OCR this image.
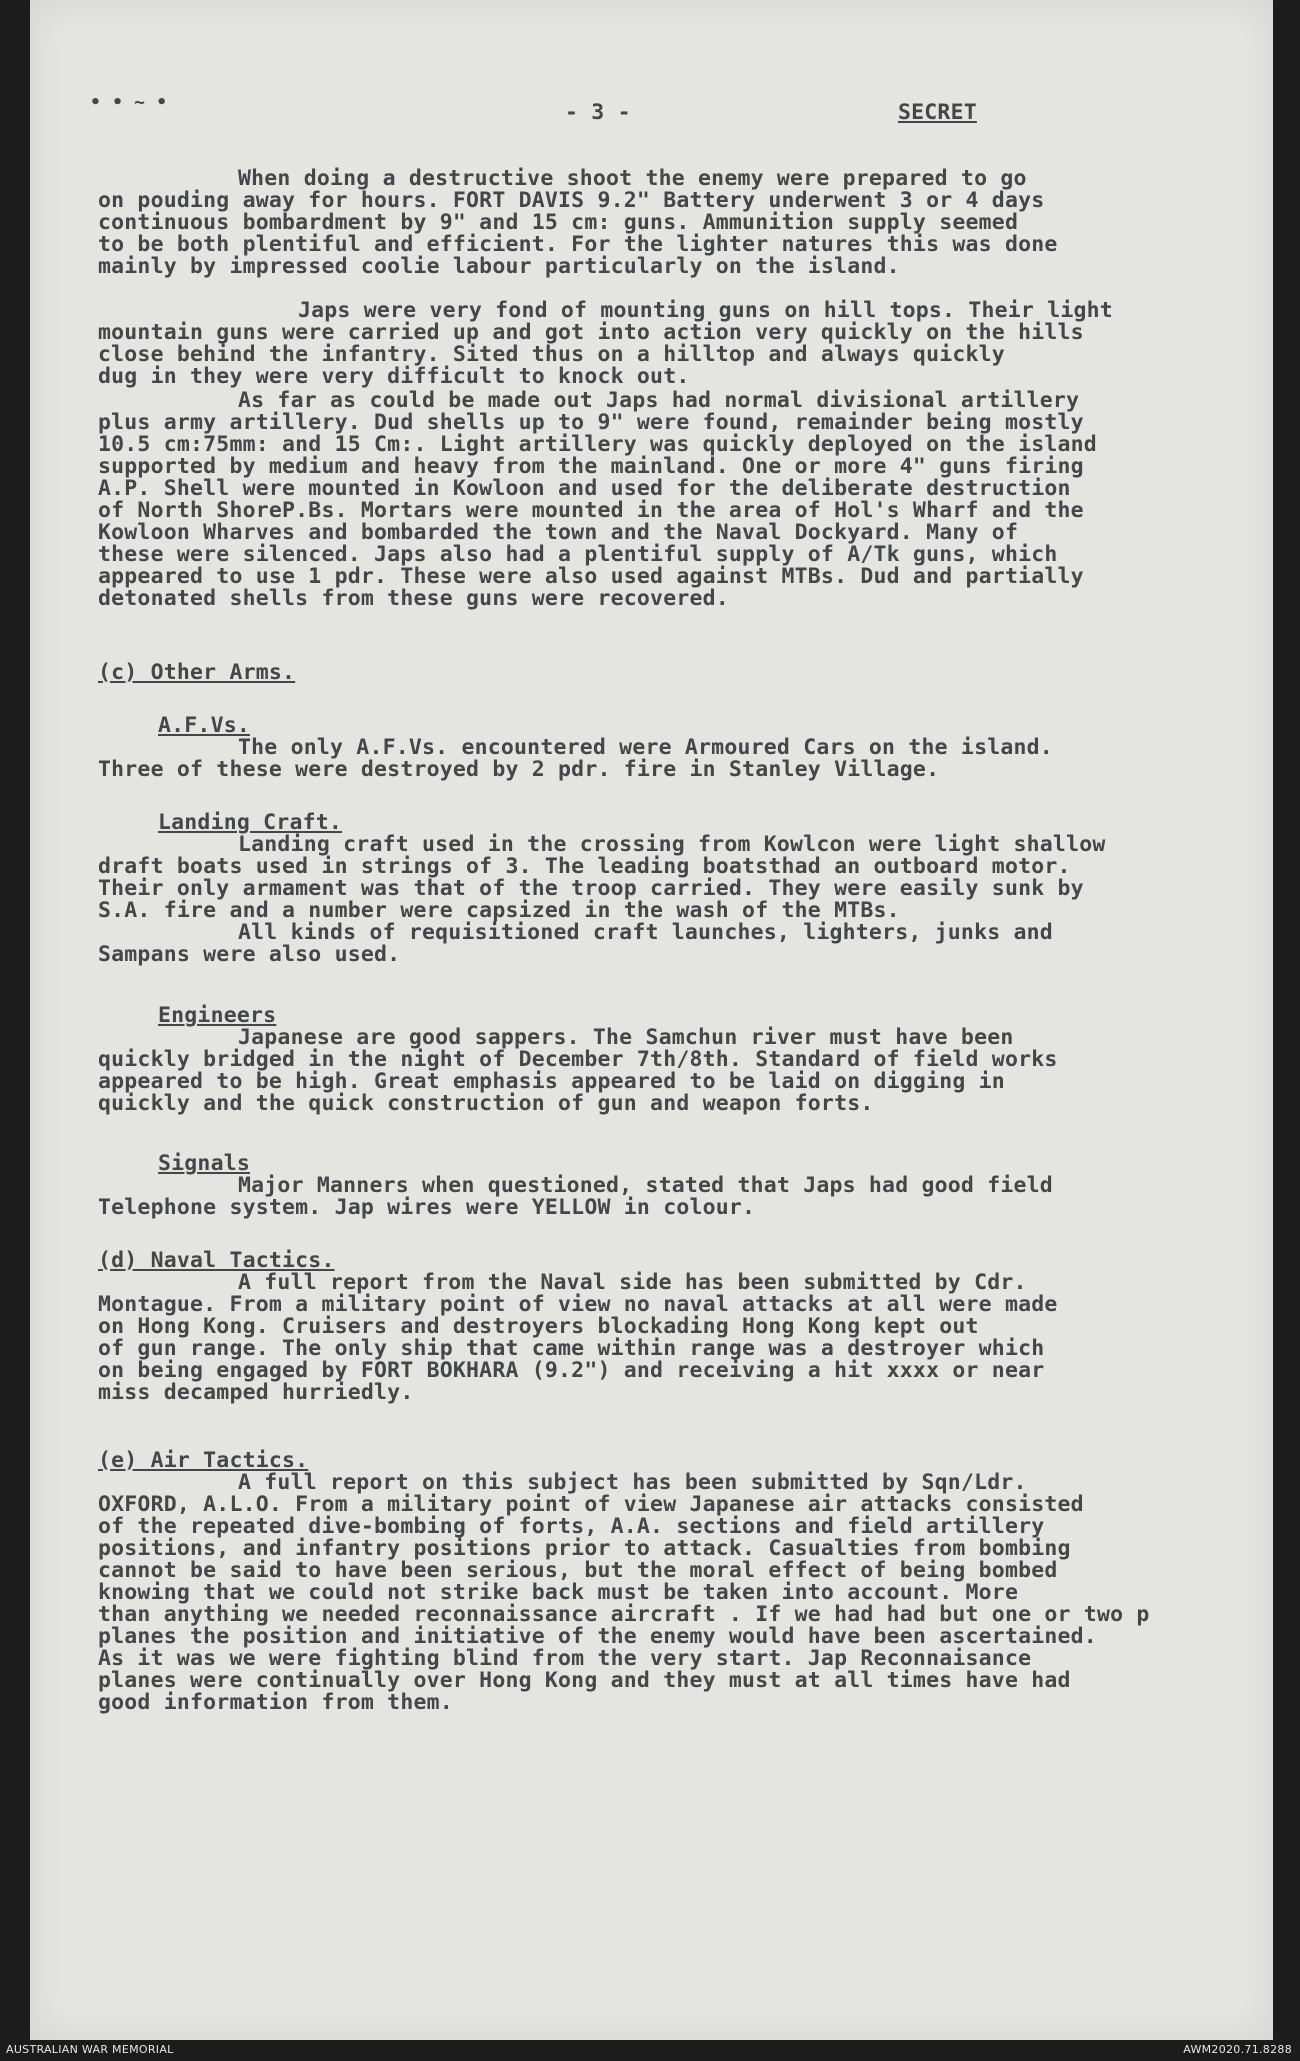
• • ~ •	- 3 -	SECRET
When doing a destructive shoot the enemy were prepared to go
on pouding away for hours. FORT DAVIS 9.2" Battery underwent 3 or 4 days
continuous bombardment by 9" and 15 cm: guns. Ammunition supply seemed
to be both plentiful and efficient. For the lighter natures this was done
mainly by impressed coolie labour particularly on the island.
Japs were very fond of mounting guns on hill tops. Their light
mountain guns were carried up and got into action very quickly on the hills
close behind the infantry. Sited thus on a hilltop and always quickly
dug in they were very difficult to knock out.
As far as could be made out Japs had normal divisional artillery
plus army artillery. Dud shells up to 9" were found, remainder being mostly
10.5 cm:75mm: and 15 Cm:. Light artillery was quickly deployed on the island
supported by medium and heavy from the mainland. One or more 4" guns firing
A.P. Shell were mounted in Kowloon and used for the deliberate destruction
of North ShoreP.Bs. Mortars were mounted in the area of Hol's Wharf and the
Kowloon Wharves and bombarded the town and the Naval Dockyard. Many of
these were silenced. Japs also had a plentiful supply of A/Tk guns, which
appeared to use 1 pdr. These were also used against MTBs. Dud and partially
detonated shells from these guns were recovered.
(c) Other Arms.
A.F.Vs.
The only A.F.Vs. encountered were Armoured Cars on the island.
Three of these were destroyed by 2 pdr. fire in Stanley Village.
Landing Craft.
Landing craft used in the crossing from Kowlcon were light shallow
draft boats used in strings of 3. The leading boatsthad an outboard motor.
Their only armament was that of the troop carried. They were easily sunk by
S.A. fire and a number were capsized in the wash of the MTBs.
All kinds of requisitioned craft launches, lighters, junks and
Sampans were also used.
Engineers
Japanese are good sappers. The Samchun river must have been
quickly bridged in the night of December 7th/8th. Standard of field works
appeared to be high. Great emphasis appeared to be laid on digging in
quickly and the quick construction of gun and weapon forts.
Signals
Major Manners when questioned, stated that Japs had good field
Telephone system. Jap wires were YELLOW in colour.
(d) Naval Tactics.
A full report from the Naval side has been submitted by Cdr.
Montague. From a military point of view no naval attacks at all were made
on Hong Kong. Cruisers and destroyers blockading Hong Kong kept out
of gun range. The only ship that came within range was a destroyer which
on being engaged by FORT BOKHARA (9.2") and receiving a hit xxxx or near
miss decamped hurriedly.
(e) Air Tactics.
A full report on this subject has been submitted by Sqn/Ldr.
OXFORD, A.L.O. From a military point of view Japanese air attacks consisted
of the repeated dive-bombing of forts, A.A. sections and field artillery
positions, and infantry positions prior to attack. Casualties from bombing
cannot be said to have been serious, but the moral effect of being bombed
knowing that we could not strike back must be taken into account. More
than anything we needed reconnaissance aircraft . If we had had but one or two p
planes the position and initiative of the enemy would have been ascertained.
As it was we were fighting blind from the very start. Jap Reconnaisance
planes were continually over Hong Kong and they must at all times have had
good information from them.
AUSTRALIAN WAR MEMORIAL	AWM2020.71.8288
